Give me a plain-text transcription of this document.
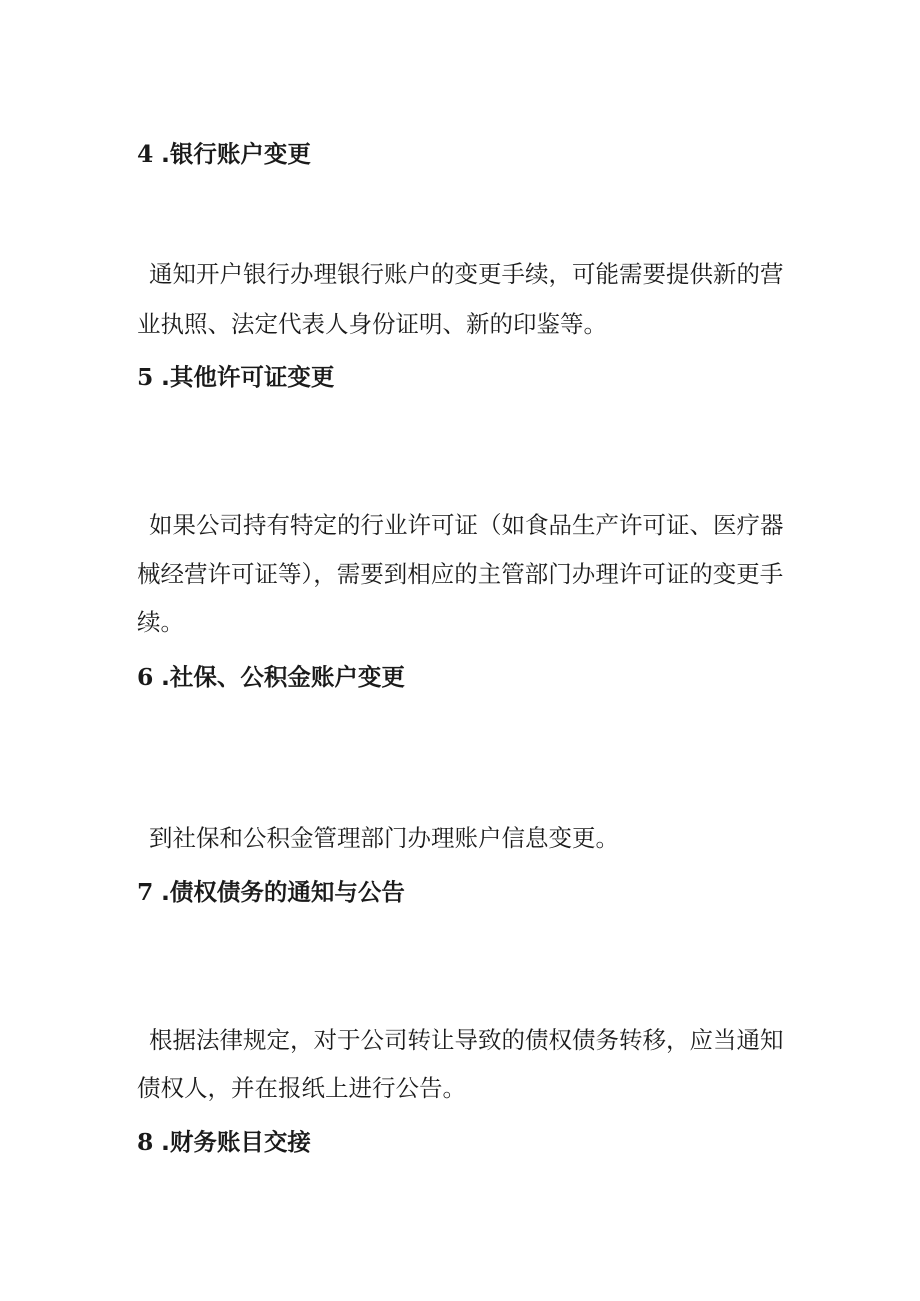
4 .银行账户变更

通知开户银行办理银行账户的变更手续，可能需要提供新的营

业执照、法定代表人身份证明、新的印鉴等。

5 .其他许可证变更

如果公司持有特定的行业许可证（如食品生产许可证、医疗器

械经营许可证等），需要到相应的主管部门办理许可证的变更手

续。

6 .社保、公积金账户变更

到社保和公积金管理部门办理账户信息变更。

7 .债权债务的通知与公告

根据法律规定，对于公司转让导致的债权债务转移，应当通知

债权人，并在报纸上进行公告。

8 .财务账目交接
